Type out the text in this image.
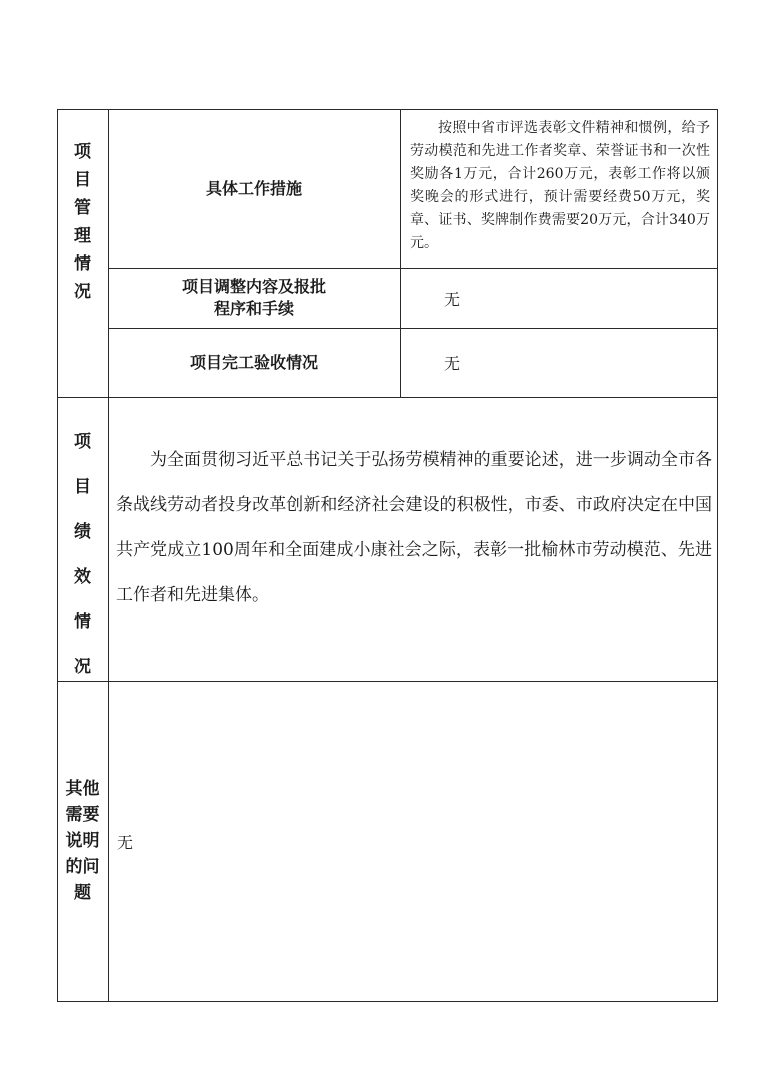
项
目
管
理
情
况
具体工作措施
按照中省市评选表彰文件精神和惯例，给予劳动模范和先进工作者奖章、荣誉证书和一次性奖励各1万元，合计260万元，表彰工作将以颁奖晚会的形式进行，预计需要经费50万元，奖章、证书、奖牌制作费需要20万元，合计340万元。
项目调整内容及报批
程序和手续	无
项目完工验收情况	无
项
目
绩
效
情
况
为全面贯彻习近平总书记关于弘扬劳模精神的重要论述，进一步调动全市各条战线劳动者投身改革创新和经济社会建设的积极性，市委、市政府决定在中国共产党成立100周年和全面建成小康社会之际，表彰一批榆林市劳动模范、先进工作者和先进集体。
其他
需要
说明
的问
题
无
